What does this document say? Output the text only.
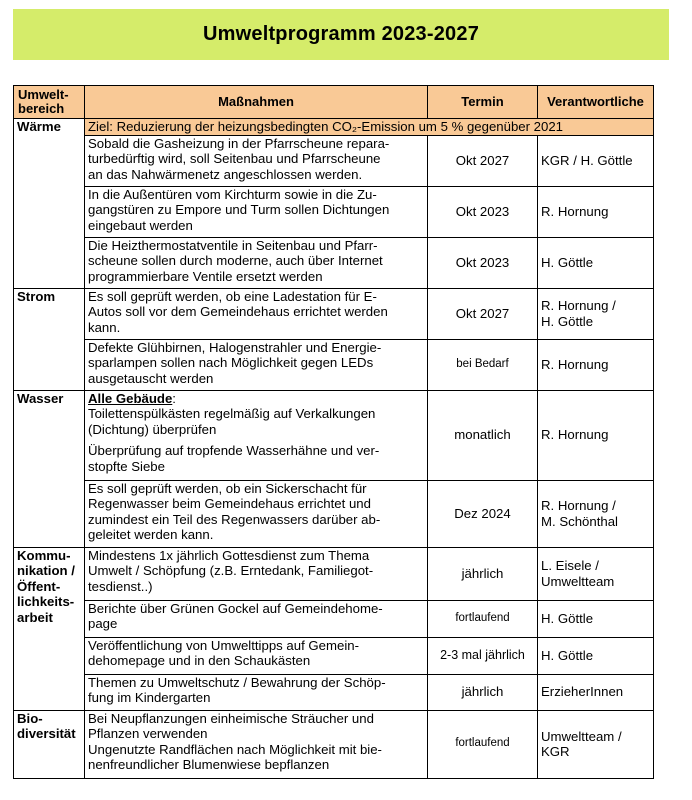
Umweltprogramm 2023-2027
Umwelt-
bereich	Maßnahmen	Termin	Verantwortliche
Wärme	Ziel: Reduzierung der heizungsbedingten CO₂-Emission um 5 % gegenüber 2021		
	Sobald die Gasheizung in der Pfarrscheune repara-
turbedürftig wird, soll Seitenbau und Pfarrscheune
an das Nahwärmenetz angeschlossen werden.	Okt 2027	KGR / H. Göttle
	In die Außentüren vom Kirchturm sowie in die Zu-
gangstüren zu Empore und Turm sollen Dichtungen
eingebaut werden	Okt 2023	R. Hornung
	Die Heizthermostatventile in Seitenbau und Pfarr-
scheune sollen durch moderne, auch über Internet
programmierbare Ventile ersetzt werden	Okt 2023	H. Göttle
Strom	Es soll geprüft werden, ob eine Ladestation für E-
Autos soll vor dem Gemeindehaus errichtet werden
kann.	Okt 2027	R. Hornung /
H. Göttle
	Defekte Glühbirnen, Halogenstrahler und Energie-
sparlampen sollen nach Möglichkeit gegen LEDs
ausgetauscht werden	bei Bedarf	R. Hornung
Wasser	Alle Gebäude:
Toilettenspülkästen regelmäßig auf Verkalkungen
(Dichtung) überprüfen
Überprüfung auf tropfende Wasserhähne und ver-
stopfte Siebe	monatlich	R. Hornung
	Es soll geprüft werden, ob ein Sickerschacht für
Regenwasser beim Gemeindehaus errichtet und
zumindest ein Teil des Regenwassers darüber ab-
geleitet werden kann.	Dez 2024	R. Hornung /
M. Schönthal
Kommu-
nikation /
Öffent-
lichkeits-
arbeit	Mindestens 1x jährlich Gottesdienst zum Thema
Umwelt / Schöpfung (z.B. Erntedank, Familiegot-
tesdienst..)	jährlich	L. Eisele /
Umweltteam
	Berichte über Grünen Gockel auf Gemeindehome-
page	fortlaufend	H. Göttle
	Veröffentlichung von Umwelttipps auf Gemein-
dehomepage und in den Schaukästen	2-3 mal jährlich	H. Göttle
	Themen zu Umweltschutz / Bewahrung der Schöp-
fung im Kindergarten	jährlich	ErzieherInnen
Bio-
diversität	Bei Neupflanzungen einheimische Sträucher und
Pflanzen verwenden
Ungenutzte Randflächen nach Möglichkeit mit bie-
nenfreundlicher Blumenwiese bepflanzen	fortlaufend	Umweltteam /
KGR
